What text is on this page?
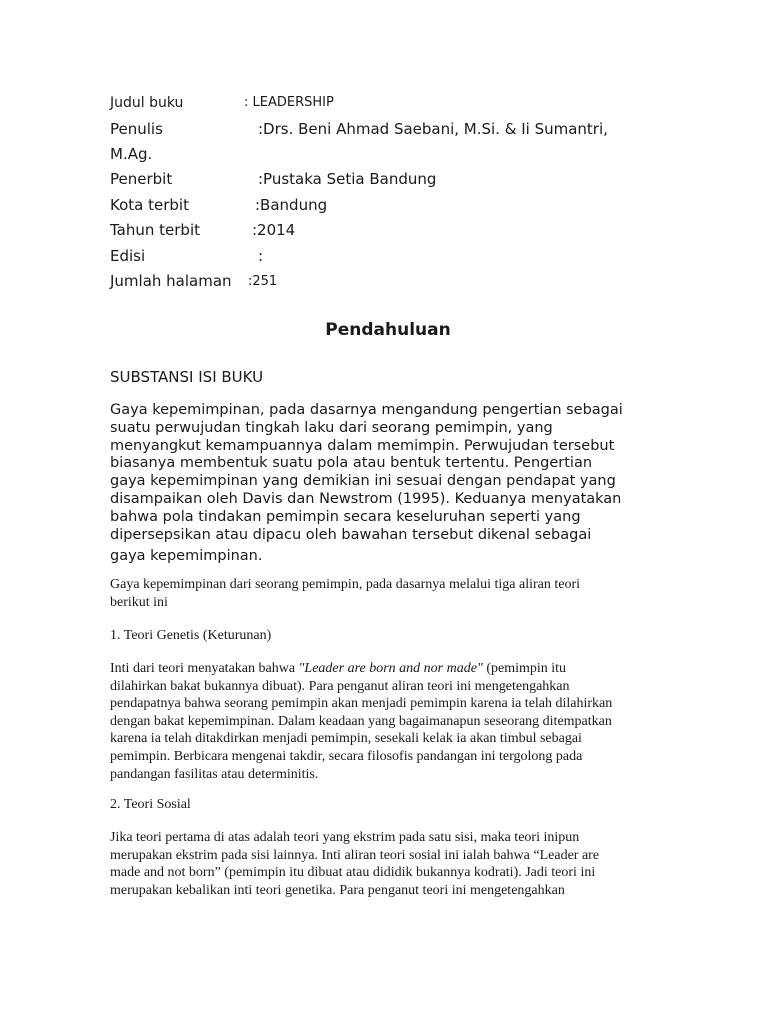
Judul buku	: LEADERSHIP
Penulis	:Drs. Beni Ahmad Saebani, M.Si. & Ii Sumantri,
M.Ag.
Penerbit	:Pustaka Setia Bandung
Kota terbit	:Bandung
Tahun terbit	:2014
Edisi	:
Jumlah halaman :251
Pendahuluan
SUBSTANSI ISI BUKU
Gaya kepemimpinan, pada dasarnya mengandung pengertian sebagai
suatu perwujudan tingkah laku dari seorang pemimpin, yang
menyangkut kemampuannya dalam memimpin. Perwujudan tersebut
biasanya membentuk suatu pola atau bentuk tertentu. Pengertian
gaya kepemimpinan yang demikian ini sesuai dengan pendapat yang
disampaikan oleh Davis dan Newstrom (1995). Keduanya menyatakan
bahwa pola tindakan pemimpin secara keseluruhan seperti yang
dipersepsikan atau dipacu oleh bawahan tersebut dikenal sebagai
gaya kepemimpinan.
Gaya kepemimpinan dari seorang pemimpin, pada dasarnya melalui tiga aliran teori
berikut ini
1. Teori Genetis (Keturunan)
Inti dari teori menyatakan bahwa "Leader are born and nor made" (pemimpin itu
dilahirkan bakat bukannya dibuat). Para penganut aliran teori ini mengetengahkan
pendapatnya bahwa seorang pemimpin akan menjadi pemimpin karena ia telah dilahirkan
dengan bakat kepemimpinan. Dalam keadaan yang bagaimanapun seseorang ditempatkan
karena ia telah ditakdirkan menjadi pemimpin, sesekali kelak ia akan timbul sebagai
pemimpin. Berbicara mengenai takdir, secara filosofis pandangan ini tergolong pada
pandangan fasilitas atau determinitis.
2. Teori Sosial
Jika teori pertama di atas adalah teori yang ekstrim pada satu sisi, maka teori inipun
merupakan ekstrim pada sisi lainnya. Inti aliran teori sosial ini ialah bahwa “Leader are
made and not born” (pemimpin itu dibuat atau dididik bukannya kodrati). Jadi teori ini
merupakan kebalikan inti teori genetika. Para penganut teori ini mengetengahkan
